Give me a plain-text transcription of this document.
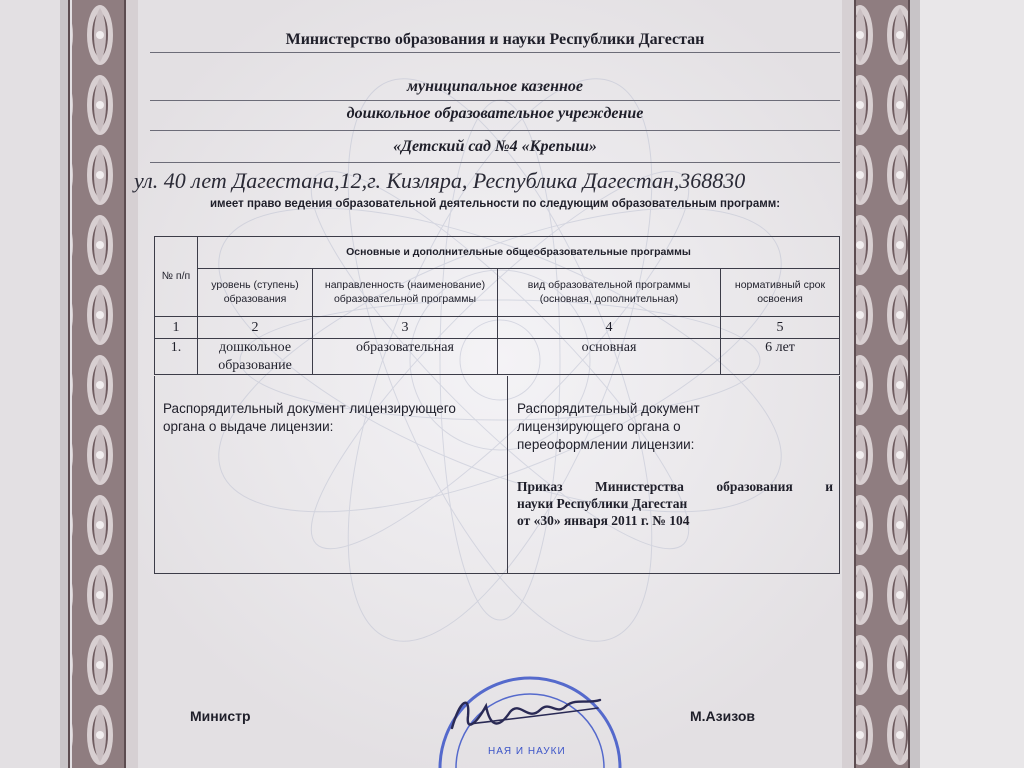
Министерство образования и науки Республики Дагестан
муниципальное казенное
дошкольное образовательное учреждение
«Детский сад №4 «Крепыш»
ул. 40 лет Дагестана,12,г. Кизляра, Республика Дагестан,368830
имеет право ведения образовательной деятельности по следующим образовательным программ:
№ п/п	Основные и дополнительные общеобразовательные программы			
	уровень (ступень) образования	направленность (наименование) образовательной программы	вид образовательной программы (основная, дополнительная)	нормативный срок освоения
1	2	3	4	5
1.	дошкольное образование	образовательная	основная	6 лет
Распорядительный документ лицензирующего органа о выдаче лицензии:
Распорядительный документ лицензирующего органа о переоформлении лицензии:
Приказ Министерства образования и
науки Республики Дагестан
от «30» января 2011 г. № 104
Министр	М.Азизов
НАЯ И НАУКИ
